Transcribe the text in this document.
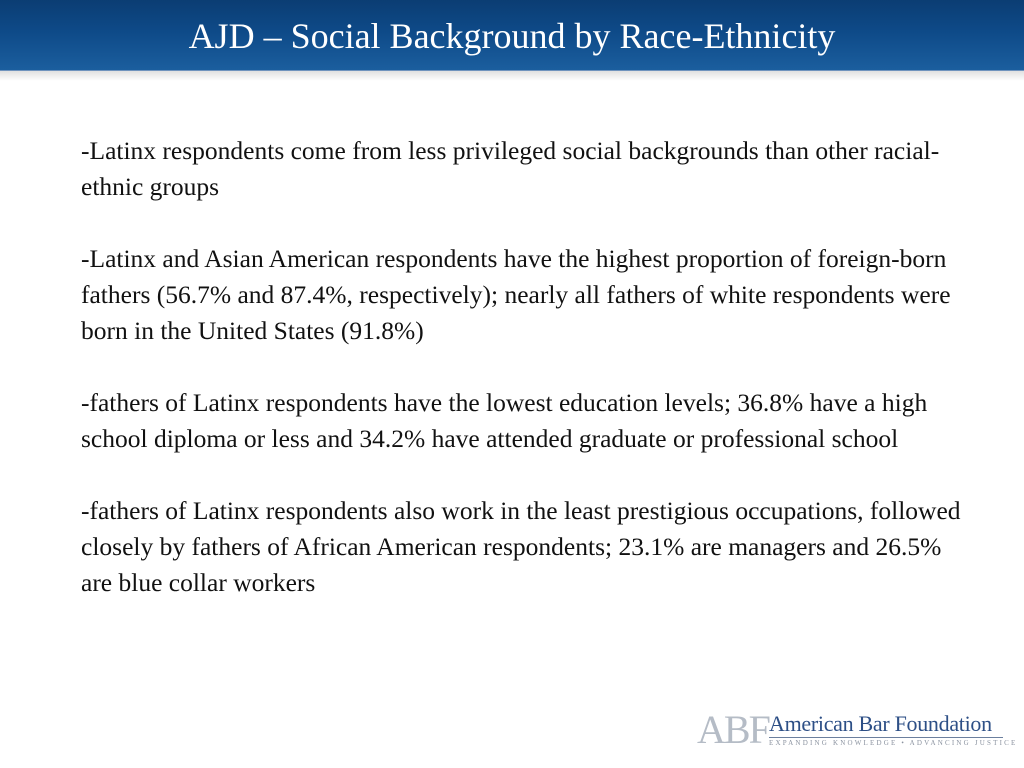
AJD – Social Background by Race-Ethnicity

-Latinx respondents come from less privileged social backgrounds than other racial-ethnic groups

-Latinx and Asian American respondents have the highest proportion of foreign-born fathers (56.7% and 87.4%, respectively); nearly all fathers of white respondents were born in the United States (91.8%)

-fathers of Latinx respondents have the lowest education levels; 36.8% have a high school diploma or less and 34.2% have attended graduate or professional school

-fathers of Latinx respondents also work in the least prestigious occupations, followed closely by fathers of African American respondents; 23.1% are managers and 26.5% are blue collar workers

ABF American Bar Foundation
EXPANDING KNOWLEDGE • ADVANCING JUSTICE
